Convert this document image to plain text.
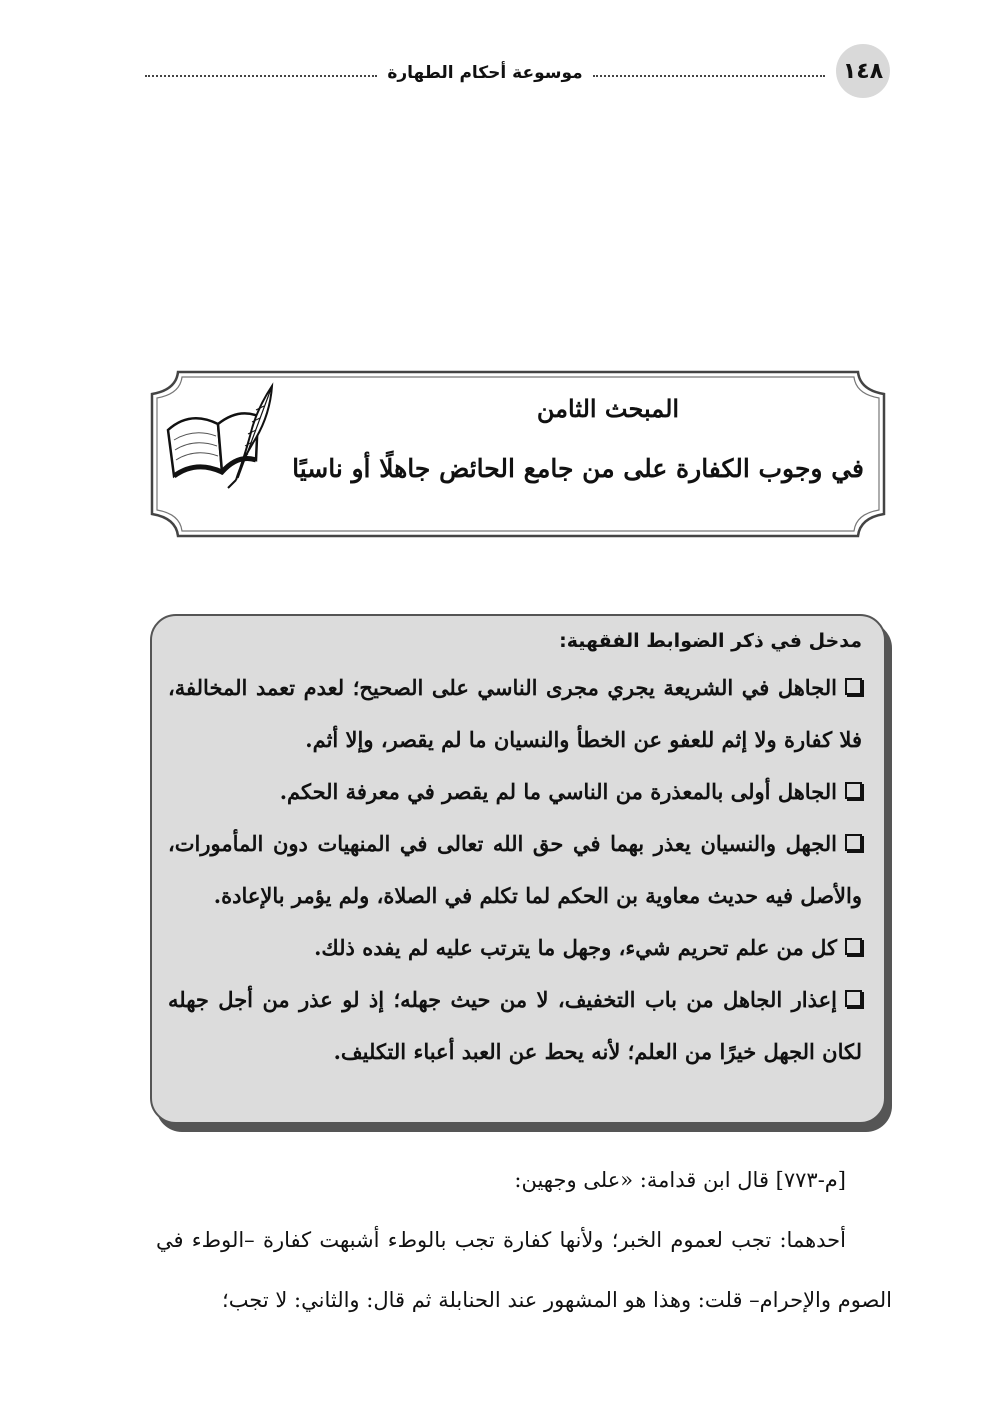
١٤٨
موسوعة أحكام الطهارة
المبحث الثامن
في وجوب الكفارة على من جامع الحائض جاهلًا أو ناسيًا
مدخل في ذكر الضوابط الفقهية:

الجاهل في الشريعة يجري مجرى الناسي على الصحيح؛ لعدم تعمد المخالفة، فلا كفارة ولا إثم للعفو عن الخطأ والنسيان ما لم يقصر، وإلا أثم.

الجاهل أولى بالمعذرة من الناسي ما لم يقصر في معرفة الحكم.

الجهل والنسيان يعذر بهما في حق الله تعالى في المنهيات دون المأمورات، والأصل فيه حديث معاوية بن الحكم لما تكلم في الصلاة، ولم يؤمر بالإعادة.

كل من علم تحريم شيء، وجهل ما يترتب عليه لم يفده ذلك.

إعذار الجاهل من باب التخفيف، لا من حيث جهله؛ إذ لو عذر من أجل جهله لكان الجهل خيرًا من العلم؛ لأنه يحط عن العبد أعباء التكليف.

[م-٧٧٣] قال ابن قدامة: «على وجهين:

أحدهما: تجب لعموم الخبر؛ ولأنها كفارة تجب بالوطء أشبهت كفارة –الوطء في الصوم والإحرام– قلت: وهذا هو المشهور عند الحنابلة ثم قال: والثاني: لا تجب؛
